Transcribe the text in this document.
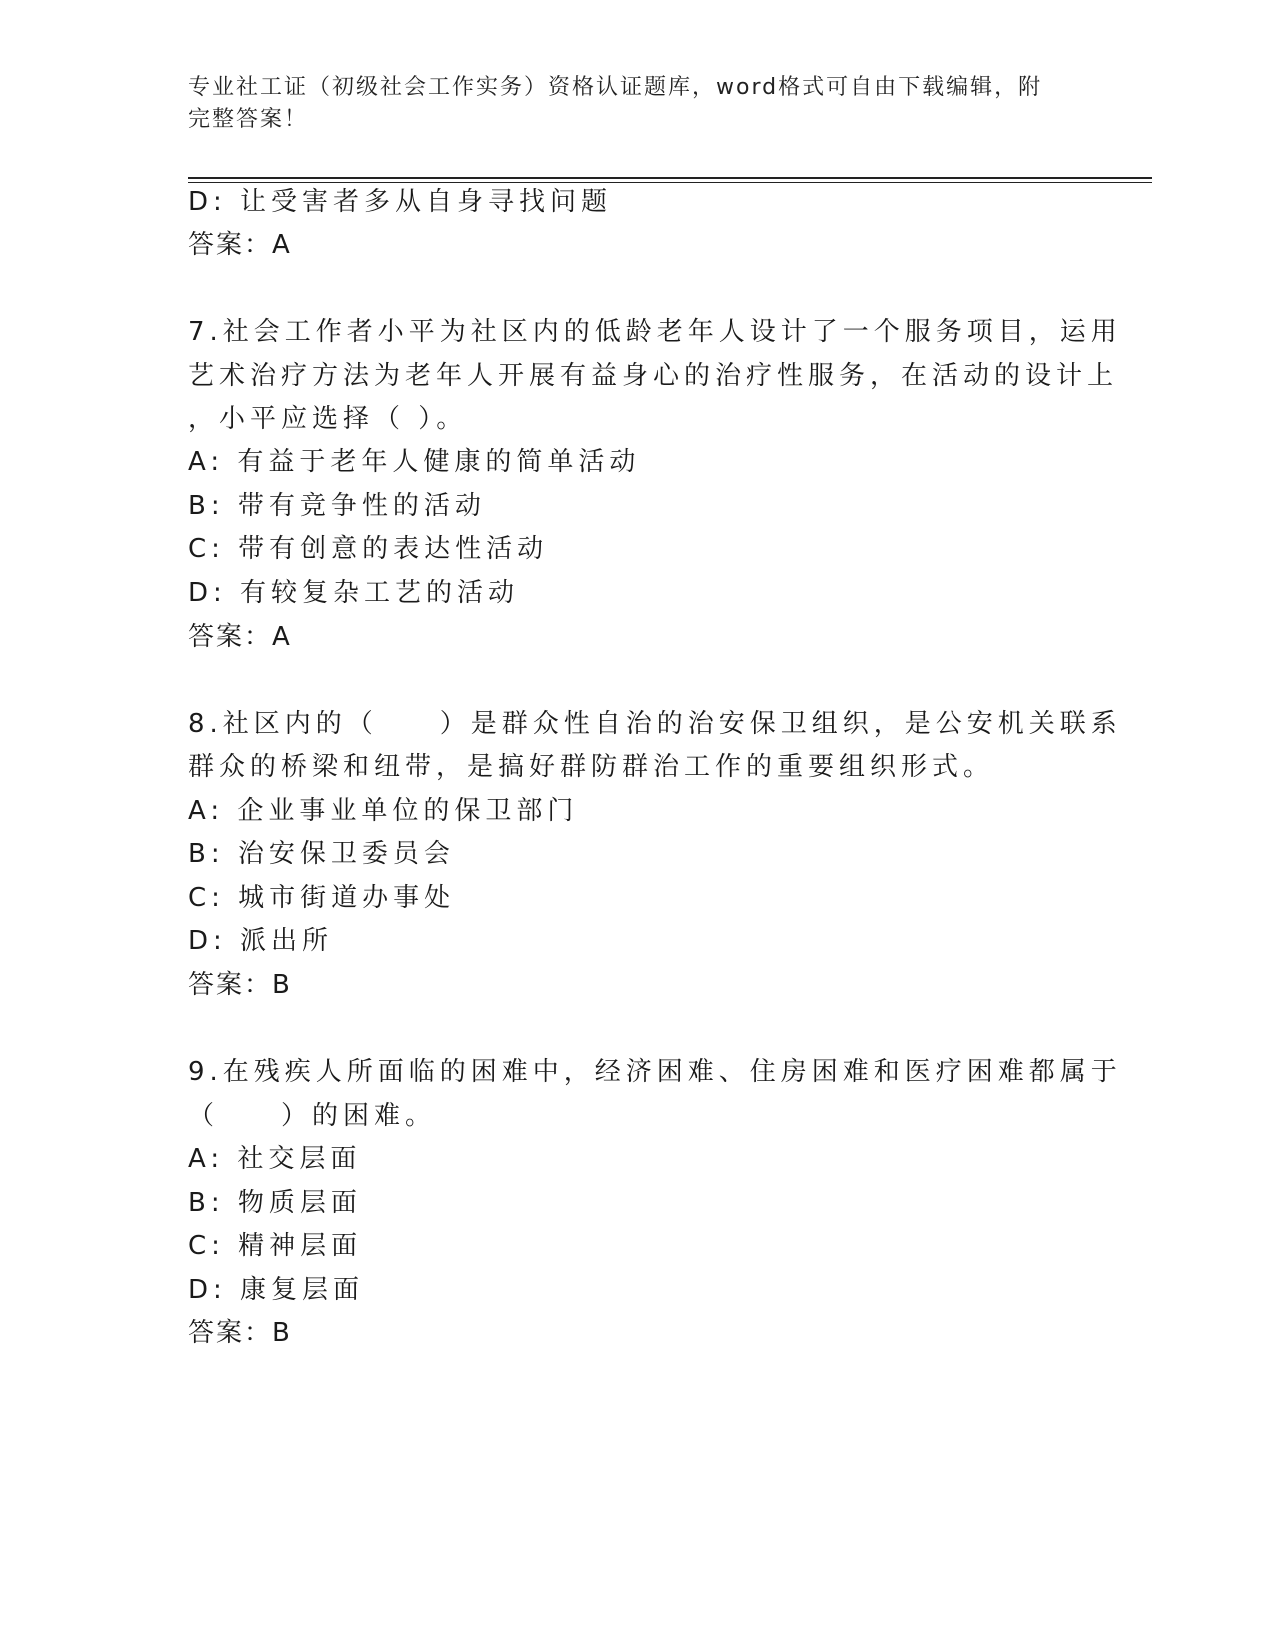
专业社工证（初级社会工作实务）资格认证题库，word格式可自由下载编辑，附
完整答案！
D: 让受害者多从自身寻找问题
答案：A
7.社会工作者小平为社区内的低龄老年人设计了一个服务项目，运用
艺术治疗方法为老年人开展有益身心的治疗性服务，在活动的设计上
，小平应选择（ ）。
A: 有益于老年人健康的简单活动
B: 带有竞争性的活动
C: 带有创意的表达性活动
D: 有较复杂工艺的活动
答案：A
8.社区内的（　　）是群众性自治的治安保卫组织，是公安机关联系
群众的桥梁和纽带，是搞好群防群治工作的重要组织形式。
A: 企业事业单位的保卫部门
B: 治安保卫委员会
C: 城市街道办事处
D: 派出所
答案：B
9.在残疾人所面临的困难中，经济困难、住房困难和医疗困难都属于
（　　）的困难。
A: 社交层面
B: 物质层面
C: 精神层面
D: 康复层面
答案：B
